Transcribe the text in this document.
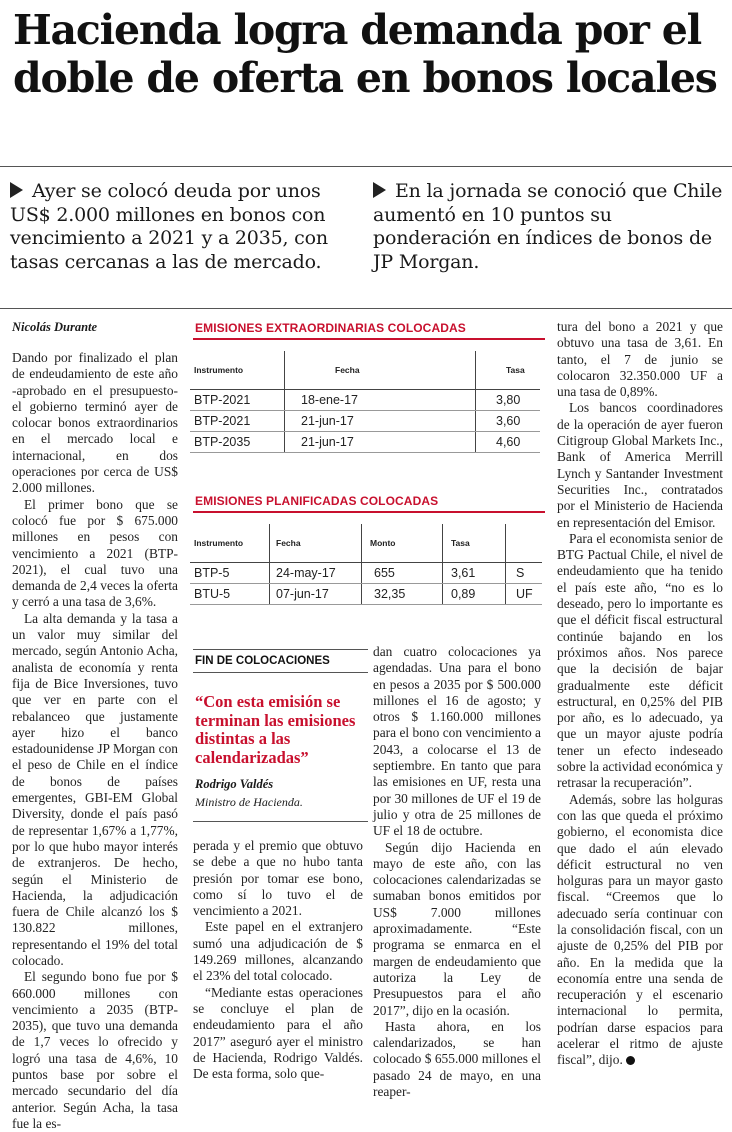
Hacienda logra demanda por el doble de oferta en bonos locales
Ayer se colocó deuda por unos US$ 2.000 millones en bonos con vencimiento a 2021 y a 2035, con tasas cercanas a las de mercado.
En la jornada se conoció que Chile aumentó en 10 puntos su ponderación en índices de bonos de JP Morgan.
Nicolás Durante

Dando por finalizado el plan de endeudamiento de este año -aprobado en el presupuesto- el gobierno terminó ayer de colocar bonos extraordinarios en el mercado local e internacional, en dos operaciones por cerca de US$ 2.000 millones.

El primer bono que se colocó fue por $ 675.000 millones en pesos con vencimiento a 2021 (BTP-2021), el cual tuvo una demanda de 2,4 veces la oferta y cerró a una tasa de 3,6%.

La alta demanda y la tasa a un valor muy similar del mercado, según Antonio Acha, analista de economía y renta fija de Bice Inversiones, tuvo que ver en parte con el rebalanceo que justamente ayer hizo el banco estadounidense JP Morgan con el peso de Chile en el índice de bonos de países emergentes, GBI-EM Global Diversity, donde el país pasó de representar 1,67% a 1,77%, por lo que hubo mayor interés de extranjeros. De hecho, según el Ministerio de Hacienda, la adjudicación fuera de Chile alcanzó los $ 130.822 millones, representando el 19% del total colocado.

El segundo bono fue por $ 660.000 millones con vencimiento a 2035 (BTP-2035), que tuvo una demanda de 1,7 veces lo ofrecido y logró una tasa de 4,6%, 10 puntos base por sobre el mercado secundario del día anterior. Según Acha, la tasa fue la es-

EMISIONES EXTRAORDINARIAS COLOCADAS
Instrumento	Fecha	Tasa
BTP-2021	18-ene-17	3,80
BTP-2021	21-jun-17	3,60
BTP-2035	21-jun-17	4,60
EMISIONES PLANIFICADAS COLOCADAS
Instrumento	Fecha	Monto	Tasa	
BTP-5	24-may-17	655	3,61	S
BTU-5	07-jun-17	32,35	0,89	UF
FIN DE COLOCACIONES
“Con esta emisión se terminan las emisiones distintas a las calendarizadas”
Rodrigo Valdés
Ministro de Hacienda.

perada y el premio que obtuvo se debe a que no hubo tanta presión por tomar ese bono, como sí lo tuvo el de vencimiento a 2021.

Este papel en el extranjero sumó una adjudicación de $ 149.269 millones, alcanzando el 23% del total colocado.

“Mediante estas operaciones se concluye el plan de endeudamiento para el año 2017” aseguró ayer el ministro de Hacienda, Rodrigo Valdés. De esta forma, solo que-

dan cuatro colocaciones ya agendadas. Una para el bono en pesos a 2035 por $ 500.000 millones el 16 de agosto; y otros $ 1.160.000 millones para el bono con vencimiento a 2043, a colocarse el 13 de septiembre. En tanto que para las emisiones en UF, resta una por 30 millones de UF el 19 de julio y otra de 25 millones de UF el 18 de octubre.

Según dijo Hacienda en mayo de este año, con las colocaciones calendarizadas se sumaban bonos emitidos por US$ 7.000 millones aproximadamente. “Este programa se enmarca en el margen de endeudamiento que autoriza la Ley de Presupuestos para el año 2017”, dijo en la ocasión.

Hasta ahora, en los calendarizados, se han colocado $ 655.000 millones el pasado 24 de mayo, en una reaper-

tura del bono a 2021 y que obtuvo una tasa de 3,61. En tanto, el 7 de junio se colocaron 32.350.000 UF a una tasa de 0,89%.

Los bancos coordinadores de la operación de ayer fueron Citigroup Global Markets Inc., Bank of America Merrill Lynch y Santander Investment Securities Inc., contratados por el Ministerio de Hacienda en representación del Emisor.

Para el economista senior de BTG Pactual Chile, el nivel de endeudamiento que ha tenido el país este año, “no es lo deseado, pero lo importante es que el déficit fiscal estructural continúe bajando en los próximos años. Nos parece que la decisión de bajar gradualmente este déficit estructural, en 0,25% del PIB por año, es lo adecuado, ya que un mayor ajuste podría tener un efecto indeseado sobre la actividad económica y retrasar la recuperación”.

Además, sobre las holguras con las que queda el próximo gobierno, el economista dice que dado el aún elevado déficit estructural no ven holguras para un mayor gasto fiscal. “Creemos que lo adecuado sería continuar con la consolidación fiscal, con un ajuste de 0,25% del PIB por año. En la medida que la economía entre una senda de recuperación y el escenario internacional lo permita, podrían darse espacios para acelerar el ritmo de ajuste fiscal”, dijo.
